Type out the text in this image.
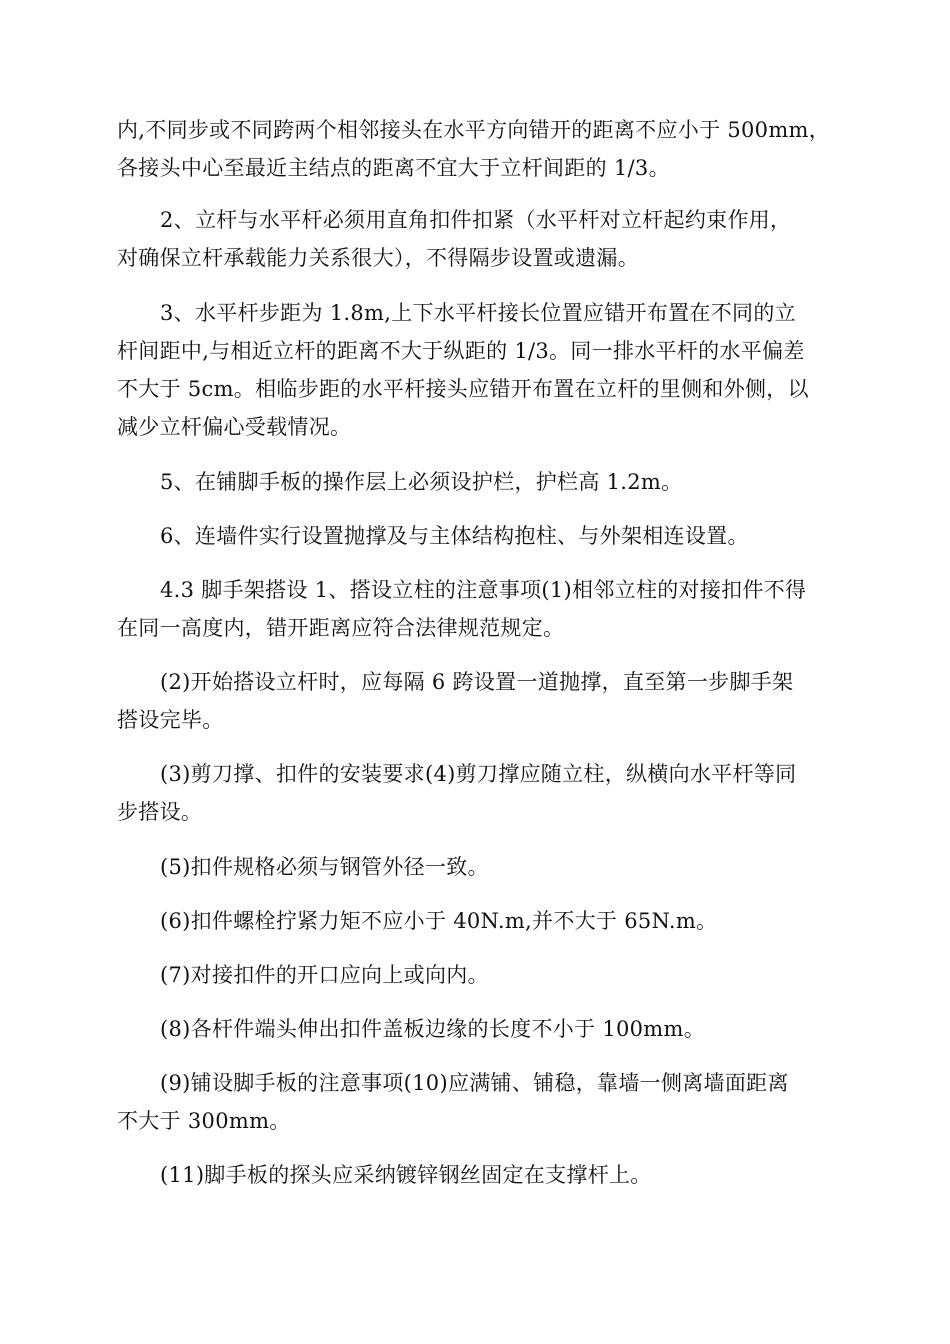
内,不同步或不同跨两个相邻接头在水平方向错开的距离不应小于 500mm，
各接头中心至最近主结点的距离不宜大于立杆间距的 1/3。
2、立杆与水平杆必须用直角扣件扣紧（水平杆对立杆起约束作用，
对确保立杆承载能力关系很大），不得隔步设置或遗漏。
3、水平杆步距为 1.8m,上下水平杆接长位置应错开布置在不同的立
杆间距中,与相近立杆的距离不大于纵距的 1/3。同一排水平杆的水平偏差
不大于 5cm。相临步距的水平杆接头应错开布置在立杆的里侧和外侧，以
减少立杆偏心受载情况。
5、在铺脚手板的操作层上必须设护栏，护栏高 1.2m。
6、连墙件实行设置抛撑及与主体结构抱柱、与外架相连设置。
4.3 脚手架搭设 1、搭设立柱的注意事项(1)相邻立柱的对接扣件不得
在同一高度内，错开距离应符合法律规范规定。
(2)开始搭设立杆时，应每隔 6 跨设置一道抛撑，直至第一步脚手架
搭设完毕。
(3)剪刀撑、扣件的安装要求(4)剪刀撑应随立柱，纵横向水平杆等同
步搭设。
(5)扣件规格必须与钢管外径一致。
(6)扣件螺栓拧紧力矩不应小于 40N.m,并不大于 65N.m。
(7)对接扣件的开口应向上或向内。
(8)各杆件端头伸出扣件盖板边缘的长度不小于 100mm。
(9)铺设脚手板的注意事项(10)应满铺、铺稳，靠墙一侧离墙面距离
不大于 300mm。
(11)脚手板的探头应采纳镀锌钢丝固定在支撑杆上。
